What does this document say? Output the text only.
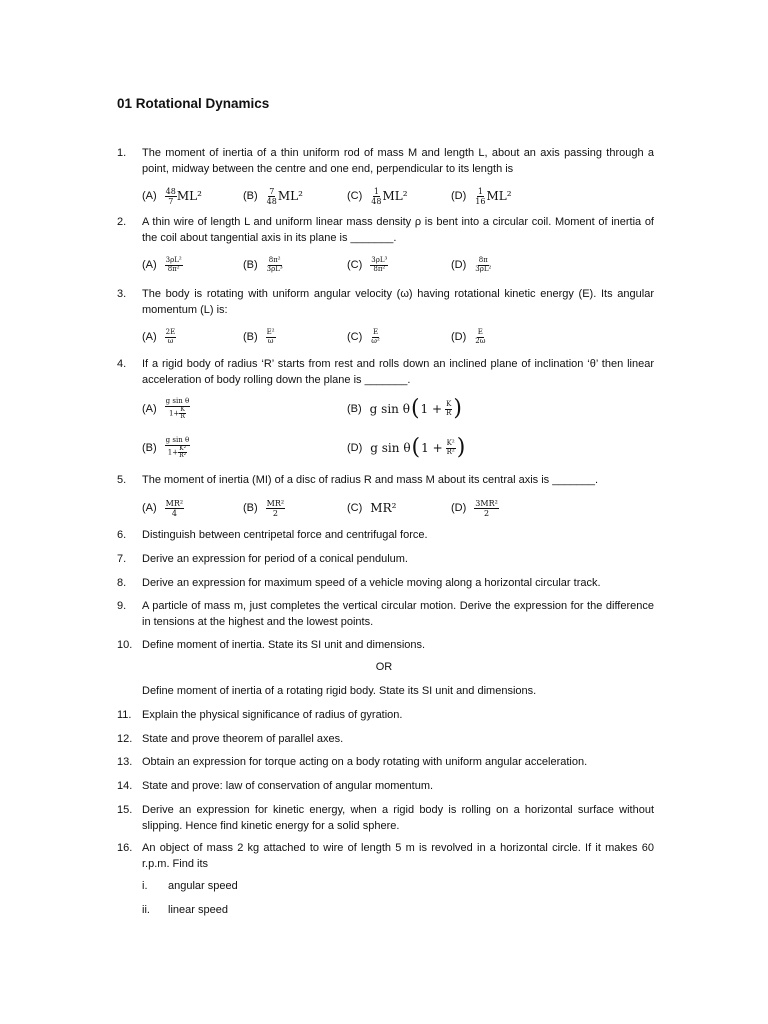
01 Rotational Dynamics
1.	The moment of inertia of a thin uniform rod of mass M and length L, about an axis passing through a point, midway between the centre and one end, perpendicular to its length is
$(A) \frac{48}{7} ML^2$	$(B) \frac{7}{48} ML^2$	$(C) \frac{1}{48} ML^2$	$(D) \frac{1}{16} ML^2$
2.	A thin wire of length L and uniform linear mass density ρ is bent into a circular coil. Moment of inertia of the coil about tangential axis in its plane is _______.
$(A) \frac{\text{3ρL²}}{\text{8π²}}$	$(B) \frac{\text{8π²}}{\text{3ρL³}}$	$(C) \frac{\text{3ρL³}}{\text{8π²}}$	$(D) \frac{8\pi}{\text{3ρL²}}$
3.	The body is rotating with uniform angular velocity (ω) having rotational kinetic energy (E). Its angular momentum (L) is:
$(A) \frac{2E}{\omega}$	$(B) \frac{\text{E²}}{\omega}$	$(C) \frac{E}{\text{ω²}}$	$(D) \frac{E}{2\omega}$
4.	If a rigid body of radius ‘R’ starts from rest and rolls down an inclined plane of inclination ‘θ’ then linear acceleration of body rolling down the plane is _______.
$(A) \frac{\text{g sin θ}}{1+ \frac{K}{R}}$	(B) g sin θ ( $1 + \frac{K}{R}$ )
$(B) \frac{\text{g sin θ}}{1+ \frac{\text{K²}}{\text{R²}}}$	(D) g sin θ ( $1 + \frac{\text{K²}}{\text{R²}}$ )
5.	The moment of inertia (MI) of a disc of radius R and mass M about its central axis is _______.
$(A) \frac{\text{MR²}}{4}$	$(B) \frac{\text{MR²}}{2}$	(C) MR²	$(D) \frac{\text{3MR²}}{2}$
6.	Distinguish between centripetal force and centrifugal force.
7.	Derive an expression for period of a conical pendulum.
8.	Derive an expression for maximum speed of a vehicle moving along a horizontal circular track.
9.	A particle of mass m, just completes the vertical circular motion. Derive the expression for the difference in tensions at the highest and the lowest points.
10. Define moment of inertia. State its SI unit and dimensions.
OR
Define moment of inertia of a rotating rigid body. State its SI unit and dimensions.
11. Explain the physical significance of radius of gyration.
12. State and prove theorem of parallel axes.
13. Obtain an expression for torque acting on a body rotating with uniform angular acceleration.
14. State and prove: law of conservation of angular momentum.
15. Derive an expression for kinetic energy, when a rigid body is rolling on a horizontal surface without slipping. Hence find kinetic energy for a solid sphere.
16. An object of mass 2 kg attached to wire of length 5 m is revolved in a horizontal circle. If it makes 60 r.p.m. Find its
i. angular speed
ii. linear speed
